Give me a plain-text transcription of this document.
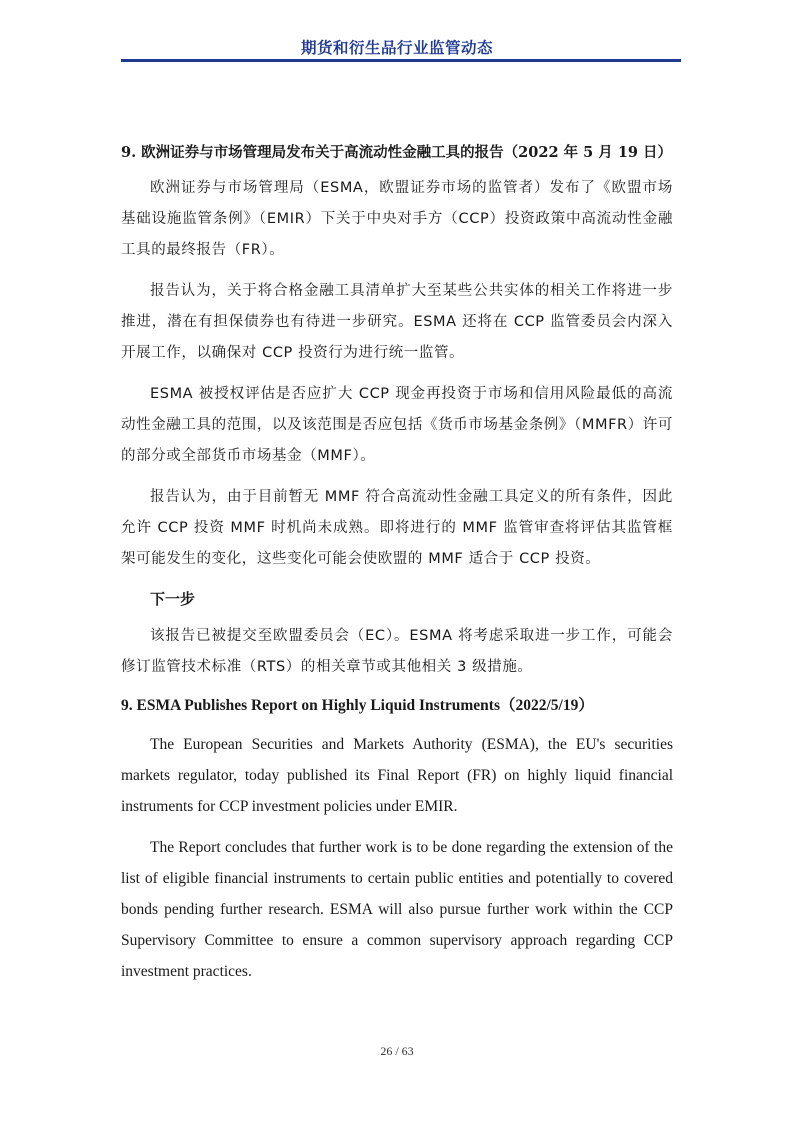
期货和衍生品行业监管动态

9. 欧洲证券与市场管理局发布关于高流动性金融工具的报告（2022 年 5 月 19 日）

欧洲证券与市场管理局（ESMA，欧盟证券市场的监管者）发布了《欧盟市场基础设施监管条例》（EMIR）下关于中央对手方（CCP）投资政策中高流动性金融工具的最终报告（FR）。

报告认为，关于将合格金融工具清单扩大至某些公共实体的相关工作将进一步推进，潜在有担保债券也有待进一步研究。ESMA 还将在 CCP 监管委员会内深入开展工作，以确保对 CCP 投资行为进行统一监管。

ESMA 被授权评估是否应扩大 CCP 现金再投资于市场和信用风险最低的高流动性金融工具的范围，以及该范围是否应包括《货币市场基金条例》（MMFR）许可的部分或全部货币市场基金（MMF）。

报告认为，由于目前暂无 MMF 符合高流动性金融工具定义的所有条件，因此允许 CCP 投资 MMF 时机尚未成熟。即将进行的 MMF 监管审查将评估其监管框架可能发生的变化，这些变化可能会使欧盟的 MMF 适合于 CCP 投资。

下一步

该报告已被提交至欧盟委员会（EC）。ESMA 将考虑采取进一步工作，可能会修订监管技术标准（RTS）的相关章节或其他相关 3 级措施。

9. ESMA Publishes Report on Highly Liquid Instruments（2022/5/19）

The European Securities and Markets Authority (ESMA), the EU's securities markets regulator, today published its Final Report (FR) on highly liquid financial instruments for CCP investment policies under EMIR.

The Report concludes that further work is to be done regarding the extension of the list of eligible financial instruments to certain public entities and potentially to covered bonds pending further research. ESMA will also pursue further work within the CCP Supervisory Committee to ensure a common supervisory approach regarding CCP investment practices.

26 / 63
